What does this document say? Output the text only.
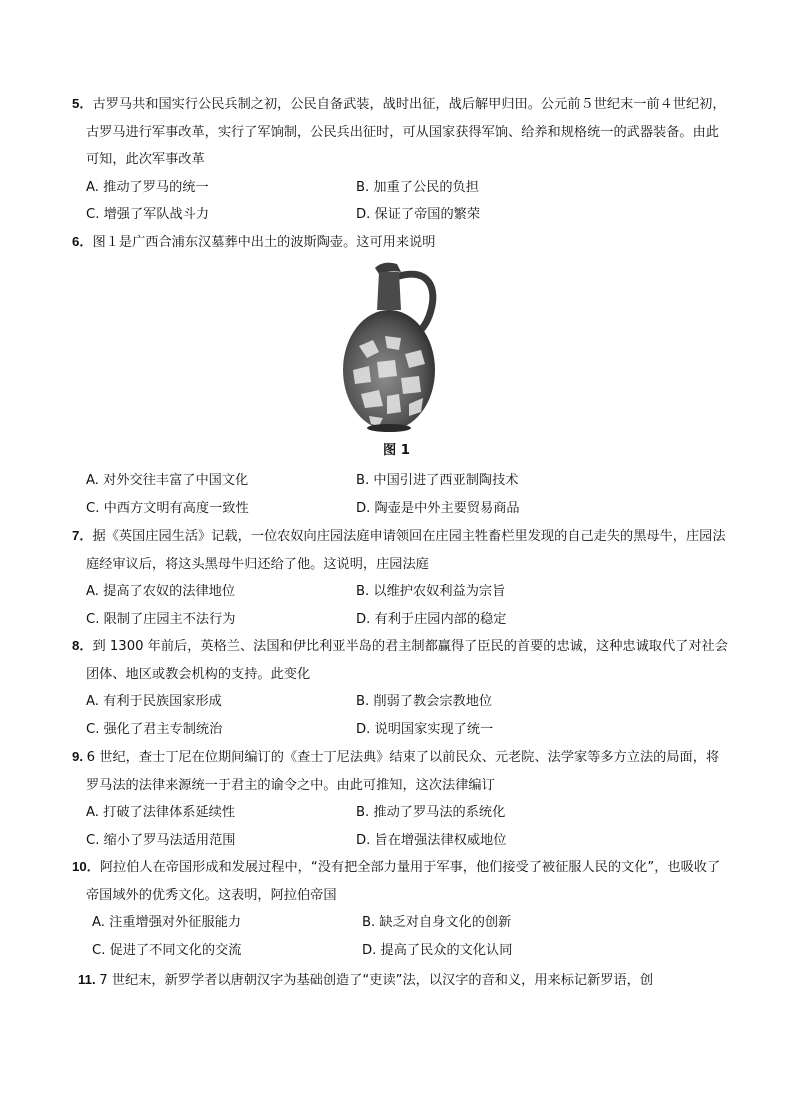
5．古罗马共和国实行公民兵制之初，公民自备武装，战时出征，战后解甲归田。公元前５世纪末一前４世纪初，古罗马进行军事改革，实行了军饷制，公民兵出征时，可从国家获得军饷、给养和规格统一的武器装备。由此可知，此次军事改革

A. 推动了罗马的统一	B. 加重了公民的负担
C. 增强了军队战斗力	D. 保证了帝国的繁荣

6．图１是广西合浦东汉墓葬中出土的波斯陶壶。这可用来说明

图 1
A. 对外交往丰富了中国文化	B. 中国引进了西亚制陶技术
C. 中西方文明有高度一致性	D. 陶壶是中外主要贸易商品

7．据《英国庄园生活》记载，一位农奴向庄园法庭申请领回在庄园主牲畜栏里发现的自己走失的黑母牛，庄园法庭经审议后，将这头黑母牛归还给了他。这说明，庄园法庭

A. 提高了农奴的法律地位	B. 以维护农奴利益为宗旨
C. 限制了庄园主不法行为	D. 有利于庄园内部的稳定

8．到 1300 年前后，英格兰、法国和伊比利亚半岛的君主制都赢得了臣民的首要的忠诚，这种忠诚取代了对社会团体、地区或教会机构的支持。此变化

A. 有利于民族国家形成	B. 削弱了教会宗教地位
C. 强化了君主专制统治	D. 说明国家实现了统一

9. 6 世纪，查士丁尼在位期间编订的《查士丁尼法典》结束了以前民众、元老院、法学家等多方立法的局面，将罗马法的法律来源统一于君主的谕令之中。由此可推知，这次法律编订

A. 打破了法律体系延续性	B. 推动了罗马法的系统化
C. 缩小了罗马法适用范围	D. 旨在增强法律权威地位

10．阿拉伯人在帝国形成和发展过程中，“没有把全部力量用于军事，他们接受了被征服人民的文化”，也吸收了帝国域外的优秀文化。这表明，阿拉伯帝国

A. 注重增强对外征服能力	B. 缺乏对自身文化的创新
C. 促进了不同文化的交流	D. 提高了民众的文化认同

11. 7 世纪末，新罗学者以唐朝汉字为基础创造了“吏读”法，以汉字的音和义，用来标记新罗语，创
